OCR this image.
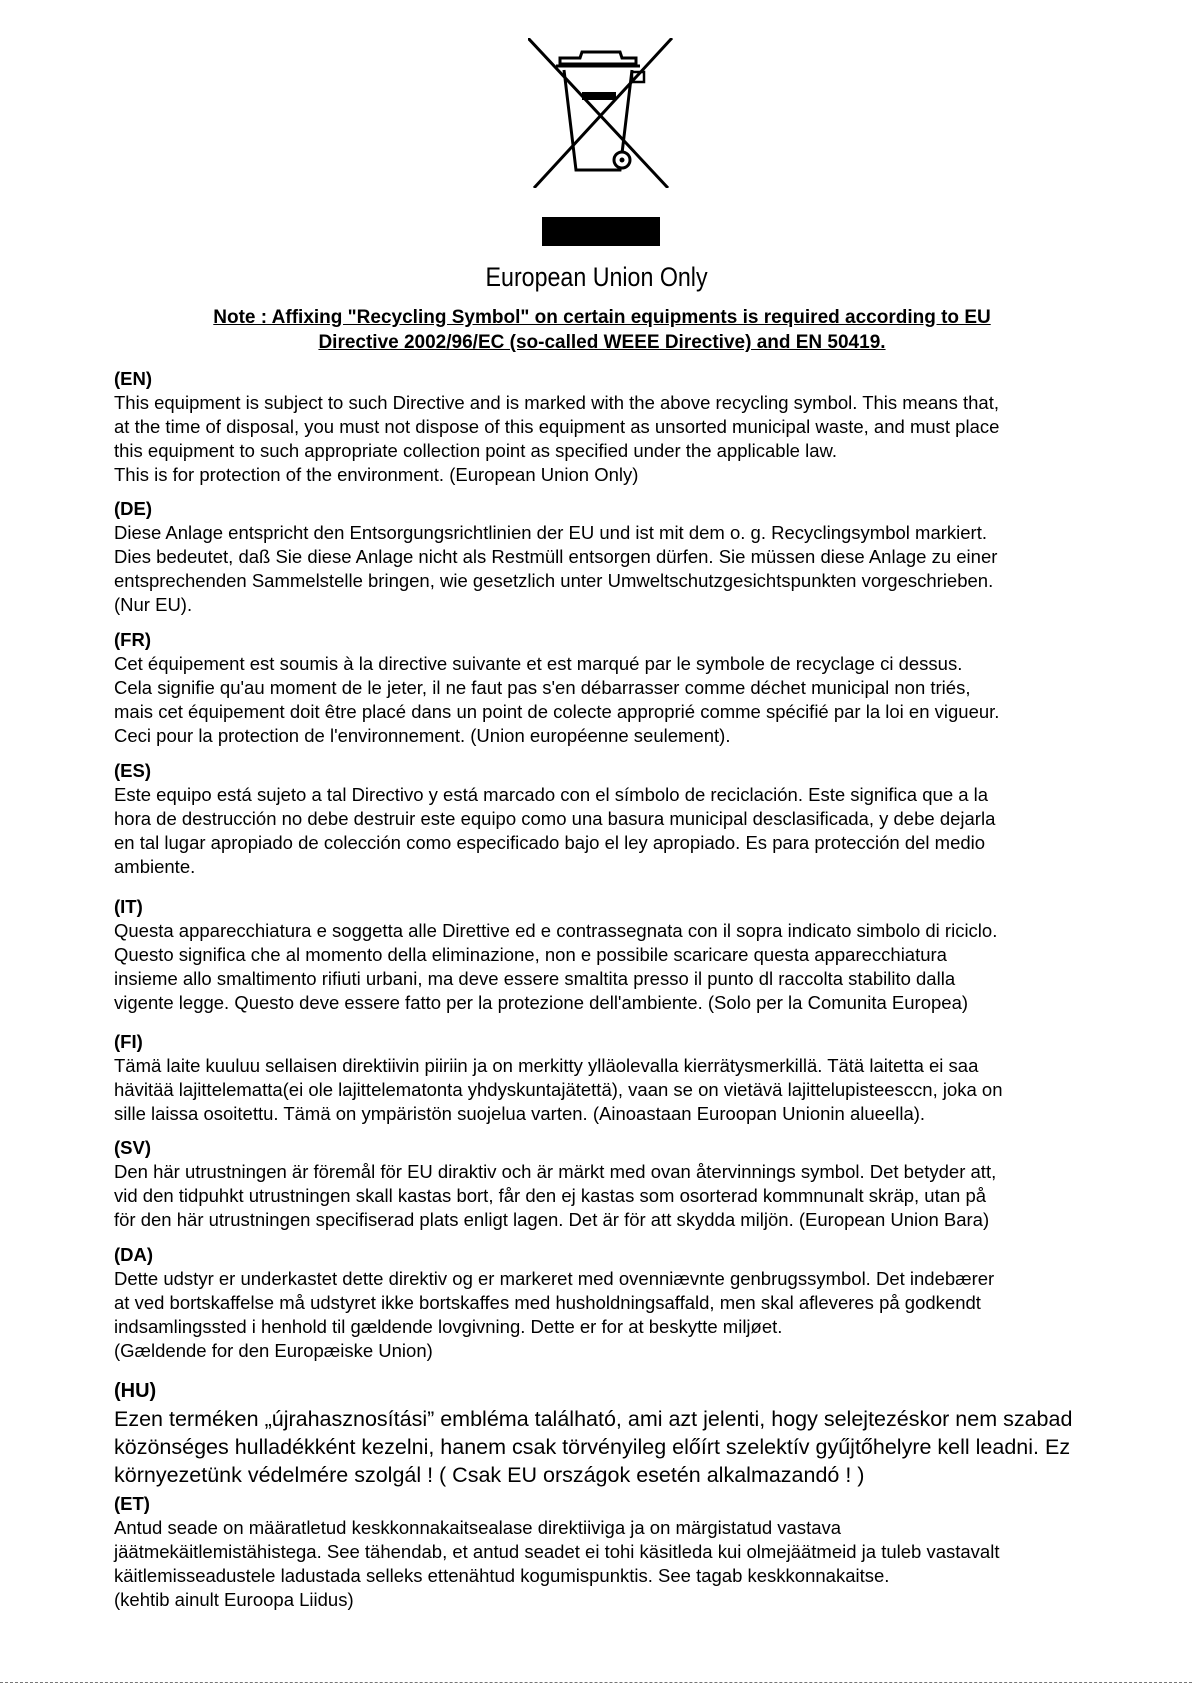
European Union Only
Note : Affixing "Recycling Symbol" on certain equipments is required according to EU
Directive 2002/96/EC (so-called WEEE Directive) and EN 50419.
(EN)
This equipment is subject to such Directive and is marked with the above recycling symbol. This means that,
at the time of disposal, you must not dispose of this equipment as unsorted municipal waste, and must place
this equipment to such appropriate collection point as specified under the applicable law.
This is for protection of the environment. (European Union Only)
(DE)
Diese Anlage entspricht den Entsorgungsrichtlinien der EU und ist mit dem o. g. Recyclingsymbol markiert.
Dies bedeutet, daß Sie diese Anlage nicht als Restmüll entsorgen dürfen. Sie müssen diese Anlage zu einer
entsprechenden Sammelstelle bringen, wie gesetzlich unter Umweltschutzgesichtspunkten vorgeschrieben.
(Nur EU).
(FR)
Cet équipement est soumis à la directive suivante et est marqué par le symbole de recyclage ci dessus.
Cela signifie qu'au moment de le jeter, il ne faut pas s'en débarrasser comme déchet municipal non triés,
mais cet équipement doit être placé dans un point de colecte approprié comme spécifié par la loi en vigueur.
Ceci pour la protection de l'environnement. (Union européenne seulement).
(ES)
Este equipo está sujeto a tal Directivo y está marcado con el símbolo de reciclación. Este significa que a la
hora de destrucción no debe destruir este equipo como una basura municipal desclasificada, y debe dejarla
en tal lugar apropiado de colección como especificado bajo el ley apropiado. Es para protección del medio
ambiente.
(IT)
Questa apparecchiatura e soggetta alle Direttive ed e contrassegnata con il sopra indicato simbolo di riciclo.
Questo significa che al momento della eliminazione, non e possibile scaricare questa apparecchiatura
insieme allo smaltimento rifiuti urbani, ma deve essere smaltita presso il punto dl raccolta stabilito dalla
vigente legge. Questo deve essere fatto per la protezione dell'ambiente. (Solo per la Comunita Europea)
(FI)
Tämä laite kuuluu sellaisen direktiivin piiriin ja on merkitty ylläolevalla kierrätysmerkillä. Tätä laitetta ei saa
hävitää lajittelematta(ei ole lajittelematonta yhdyskuntajätettä), vaan se on vietävä lajittelupisteesccn, joka on
sille laissa osoitettu. Tämä on ympäristön suojelua varten. (Ainoastaan Euroopan Unionin alueella).
(SV)
Den här utrustningen är föremål för EU diraktiv och är märkt med ovan återvinnings symbol. Det betyder att,
vid den tidpuhkt utrustningen skall kastas bort, får den ej kastas som osorterad kommnunalt skräp, utan på
för den här utrustningen specifiserad plats enligt lagen. Det är för att skydda miljön. (European Union Bara)
(DA)
Dette udstyr er underkastet dette direktiv og er markeret med ovenniævnte genbrugssymbol. Det indebærer
at ved bortskaffelse må udstyret ikke bortskaffes med husholdningsaffald, men skal afleveres på godkendt
indsamlingssted i henhold til gældende lovgivning. Dette er for at beskytte miljøet.
(Gældende for den Europæiske Union)
(HU)
Ezen terméken „újrahasznosítási” embléma található, ami azt jelenti, hogy selejtezéskor nem szabad
közönséges hulladékként kezelni, hanem csak törvényileg előírt szelektív gyűjtőhelyre kell leadni. Ez
környezetünk védelmére szolgál ! ( Csak EU országok esetén alkalmazandó ! )
(ET)
Antud seade on määratletud keskkonnakaitsealase direktiiviga ja on märgistatud vastava
jäätmekäitlemistähistega. See tähendab, et antud seadet ei tohi käsitleda kui olmejäätmeid ja tuleb vastavalt
käitlemisseadustele ladustada selleks ettenähtud kogumispunktis. See tagab keskkonnakaitse.
(kehtib ainult Euroopa Liidus)
